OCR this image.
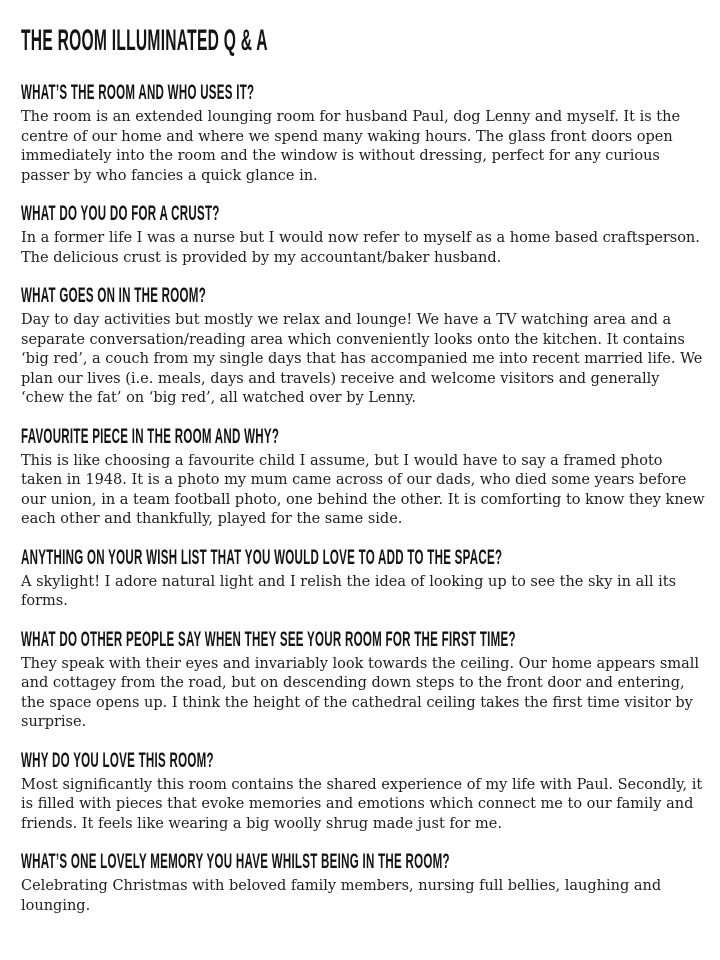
THE ROOM ILLUMINATED Q & A
WHAT’S THE ROOM AND WHO USES IT?

The room is an extended lounging room for husband Paul, dog Lenny and myself. It is the centre of our home and where we spend many waking hours. The glass front doors open immediately into the room and the window is without dressing, perfect for any curious passer by who fancies a quick glance in.

WHAT DO YOU DO FOR A CRUST?

In a former life I was a nurse but I would now refer to myself as a home based craftsperson. The delicious crust is provided by my accountant/baker husband.

WHAT GOES ON IN THE ROOM?

Day to day activities but mostly we relax and lounge! We have a TV watching area and a separate conversation/reading area which conveniently looks onto the kitchen. It contains ‘big red’, a couch from my single days that has accompanied me into recent married life. We plan our lives (i.e. meals, days and travels) receive and welcome visitors and generally ‘chew the fat’ on ‘big red’, all watched over by Lenny.

FAVOURITE PIECE IN THE ROOM AND WHY?

This is like choosing a favourite child I assume, but I would have to say a framed photo taken in 1948. It is a photo my mum came across of our dads, who died some years before our union, in a team football photo, one behind the other. It is comforting to know they knew each other and thankfully, played for the same side.

ANYTHING ON YOUR WISH LIST THAT YOU WOULD LOVE TO ADD TO THE SPACE?

A skylight! I adore natural light and I relish the idea of looking up to see the sky in all its forms.

WHAT DO OTHER PEOPLE SAY WHEN THEY SEE YOUR ROOM FOR THE FIRST TIME?

They speak with their eyes and invariably look towards the ceiling. Our home appears small and cottagey from the road, but on descending down steps to the front door and entering, the space opens up. I think the height of the cathedral ceiling takes the first time visitor by surprise.

WHY DO YOU LOVE THIS ROOM?

Most significantly this room contains the shared experience of my life with Paul. Secondly, it is filled with pieces that evoke memories and emotions which connect me to our family and friends. It feels like wearing a big woolly shrug made just for me.

WHAT’S ONE LOVELY MEMORY YOU HAVE WHILST BEING IN THE ROOM?

Celebrating Christmas with beloved family members, nursing full bellies, laughing and lounging.
